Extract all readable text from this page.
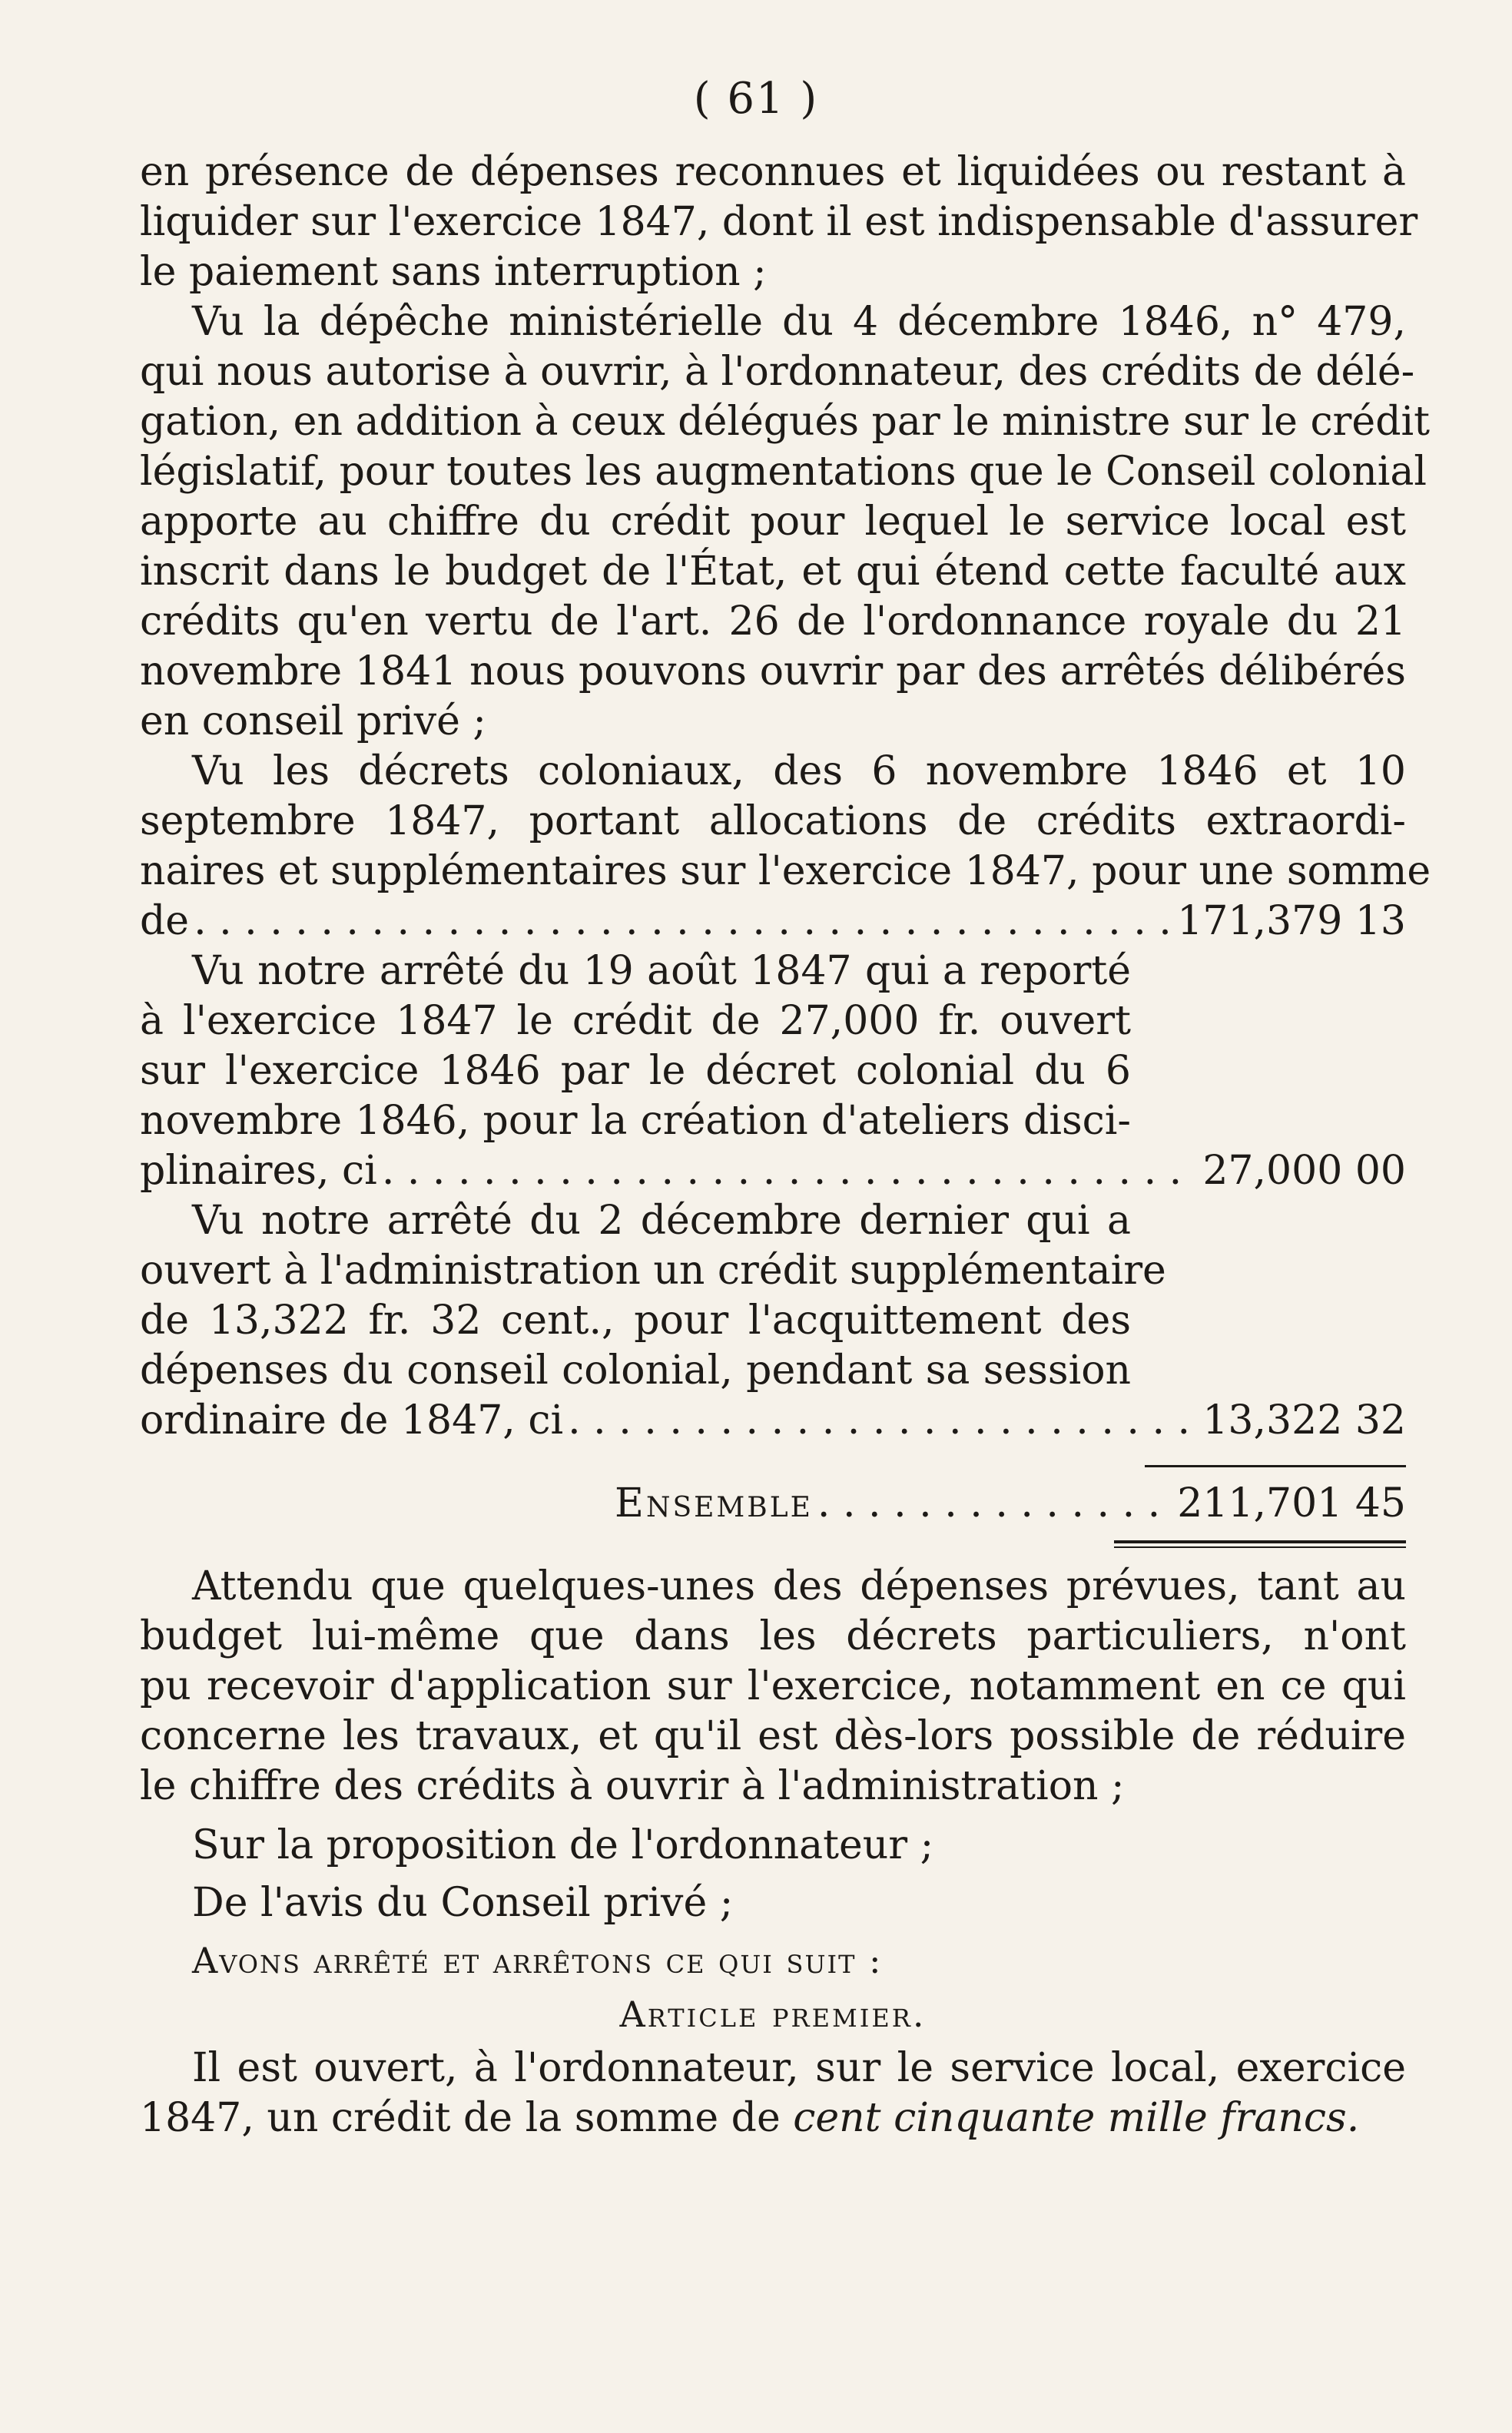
( 61 )
en présence de dépenses reconnues et liquidées ou restant à
liquider sur l'exercice 1847, dont il est indispensable d'assurer
le paiement sans interruption ;
Vu la dépêche ministérielle du 4 décembre 1846, n° 479,
qui nous autorise à ouvrir, à l'ordonnateur, des crédits de délé-
gation, en addition à ceux délégués par le ministre sur le crédit
législatif, pour toutes les augmentations que le Conseil colonial
apporte au chiffre du crédit pour lequel le service local est
inscrit dans le budget de l'État, et qui étend cette faculté aux
crédits qu'en vertu de l'art. 26 de l'ordonnance royale du 21
novembre 1841 nous pouvons ouvrir par des arrêtés délibérés
en conseil privé ;
Vu les décrets coloniaux, des 6 novembre 1846 et 10
septembre 1847, portant allocations de crédits extraordi-
naires et supplémentaires sur l'exercice 1847, pour une somme
de . . .	171,379 13
Vu notre arrêté du 19 août 1847 qui a reporté
à l'exercice 1847 le crédit de 27,000 fr. ouvert
sur l'exercice 1846 par le décret colonial du 6
novembre 1846, pour la création d'ateliers disci-
plinaires, ci . . .	27,000 00
Vu notre arrêté du 2 décembre dernier qui a
ouvert à l'administration un crédit supplémentaire
de 13,322 fr. 32 cent., pour l'acquittement des
dépenses du conseil colonial, pendant sa session
ordinaire de 1847, ci . . .	13,322 32
Ensemble . . .	211,701 45
Attendu que quelques-unes des dépenses prévues, tant au
budget lui-même que dans les décrets particuliers, n'ont
pu recevoir d'application sur l'exercice, notamment en ce qui
concerne les travaux, et qu'il est dès-lors possible de réduire
le chiffre des crédits à ouvrir à l'administration ;
Sur la proposition de l'ordonnateur ;
De l'avis du Conseil privé ;
Avons arrêté et arrêtons ce qui suit :
Article premier.
Il est ouvert, à l'ordonnateur, sur le service local, exercice
1847, un crédit de la somme de cent cinquante mille francs.
